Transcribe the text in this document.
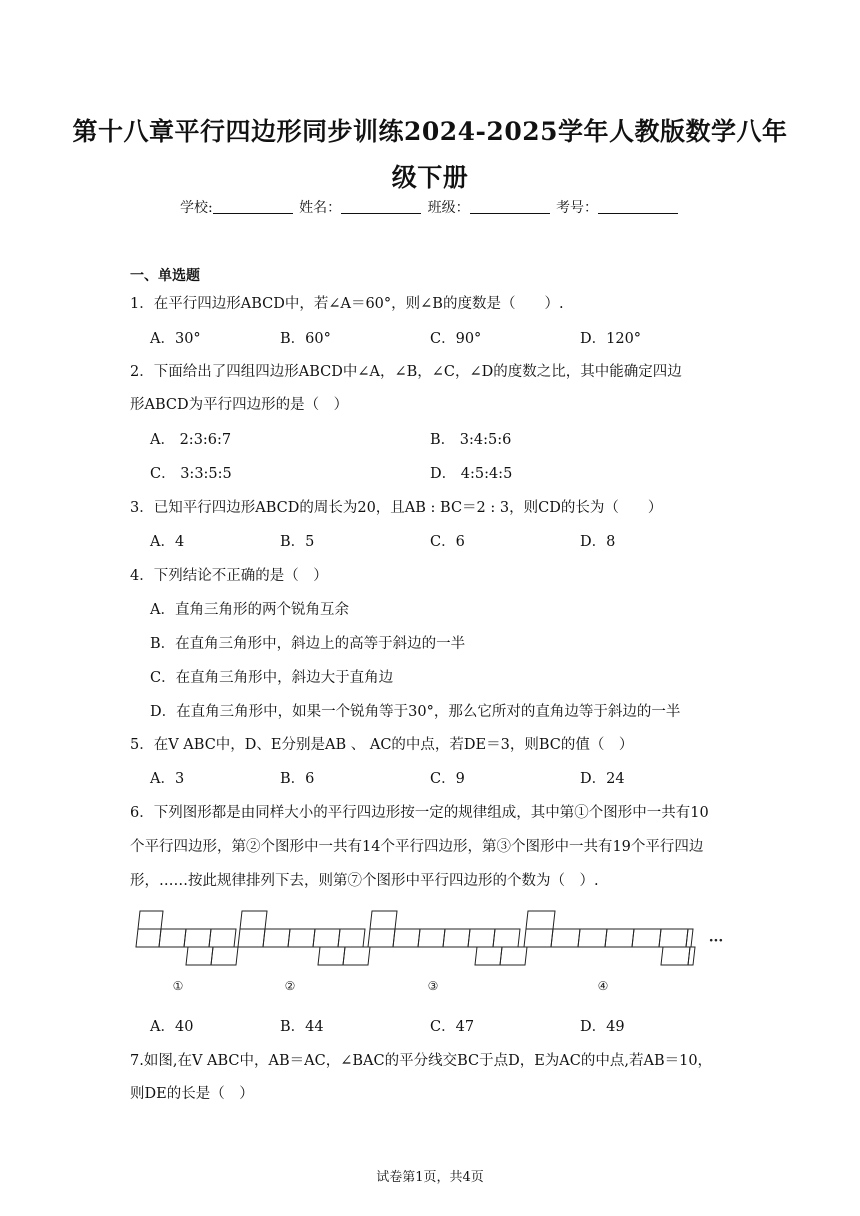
第十八章平行四边形同步训练2024-2025学年人教版数学八年
级下册
学校:	姓名：	班级：	考号：
一、单选题
1．在平行四边形ABCD中，若∠A＝60°，则∠B的度数是（　　）.
A．30°	B．60°	C．90°	D．120°
2．下面给出了四组四边形ABCD中∠A，∠B，∠C，∠D的度数之比，其中能确定四边
形ABCD为平行四边形的是（　）
A． 2:3:6:7	B． 3:4:5:6
C． 3:3:5:5	D． 4:5:4:5
3．已知平行四边形ABCD的周长为20，且AB : BC＝2 : 3，则CD的长为（　　）
A．4	B．5	C．6	D．8
4．下列结论不正确的是（　）
A．直角三角形的两个锐角互余
B．在直角三角形中，斜边上的高等于斜边的一半
C．在直角三角形中，斜边大于直角边
D．在直角三角形中，如果一个锐角等于30°，那么它所对的直角边等于斜边的一半
5．在V ABC中，D、E分别是AB 、 AC的中点，若DE＝3，则BC的值（　）
A．3	B．6	C．9	D．24
6．下列图形都是由同样大小的平行四边形按一定的规律组成，其中第①个图形中一共有10
个平行四边形，第②个图形中一共有14个平行四边形，第③个图形中一共有19个平行四边
形，……按此规律排列下去，则第⑦个图形中平行四边形的个数为（　）.
①	②	③	④
···
A．40	B．44	C．47	D．49
7.如图,在V ABC中，AB＝AC，∠BAC的平分线交BC于点D，E为AC的中点,若AB＝10，
则DE的长是（　）
试卷第1页，共4页
